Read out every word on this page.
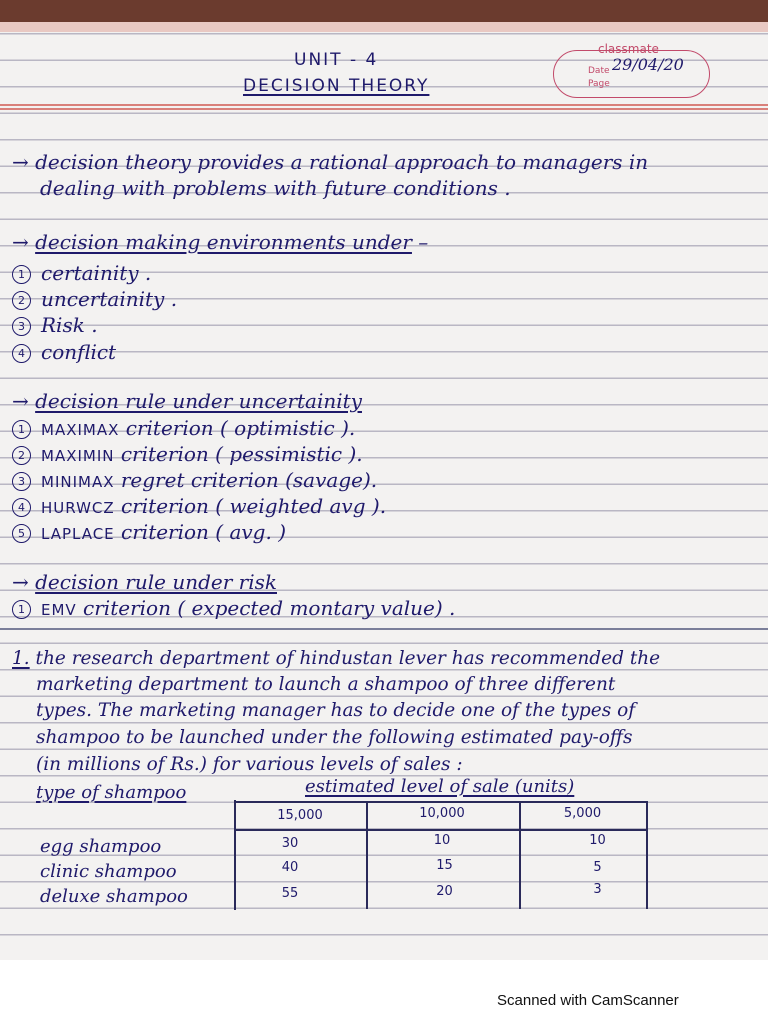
UNIT - 4
DECISION THEORY
classmate
Date 29/04/20
Page
→ decision theory provides a rational approach to managers in
dealing with problems with future conditions .
→ decision making environments under –
1 certainity .
2 uncertainity .
3 Risk .
4 conflict
→ decision rule under uncertainity
1 MAXIMAX criterion ( optimistic ).
2 MAXIMIN criterion ( pessimistic ).
3 MINIMAX regret criterion (savage).
4 HURWCZ criterion ( weighted avg ).
5 LAPLACE criterion ( avg. )
→ decision rule under risk
1 EMV criterion ( expected montary value) .
1. the research department of hindustan lever has recommended the
marketing department to launch a shampoo of three different
types. The marketing manager has to decide one of the types of
shampoo to be launched under the following estimated pay-offs
(in millions of Rs.) for various levels of sales :
type of shampoo	estimated level of sale (units)
15,000	10,000	5,000
egg shampoo	30	10	10
clinic shampoo	40	15	5
deluxe shampoo	55	20	3
Scanned with CamScanner
